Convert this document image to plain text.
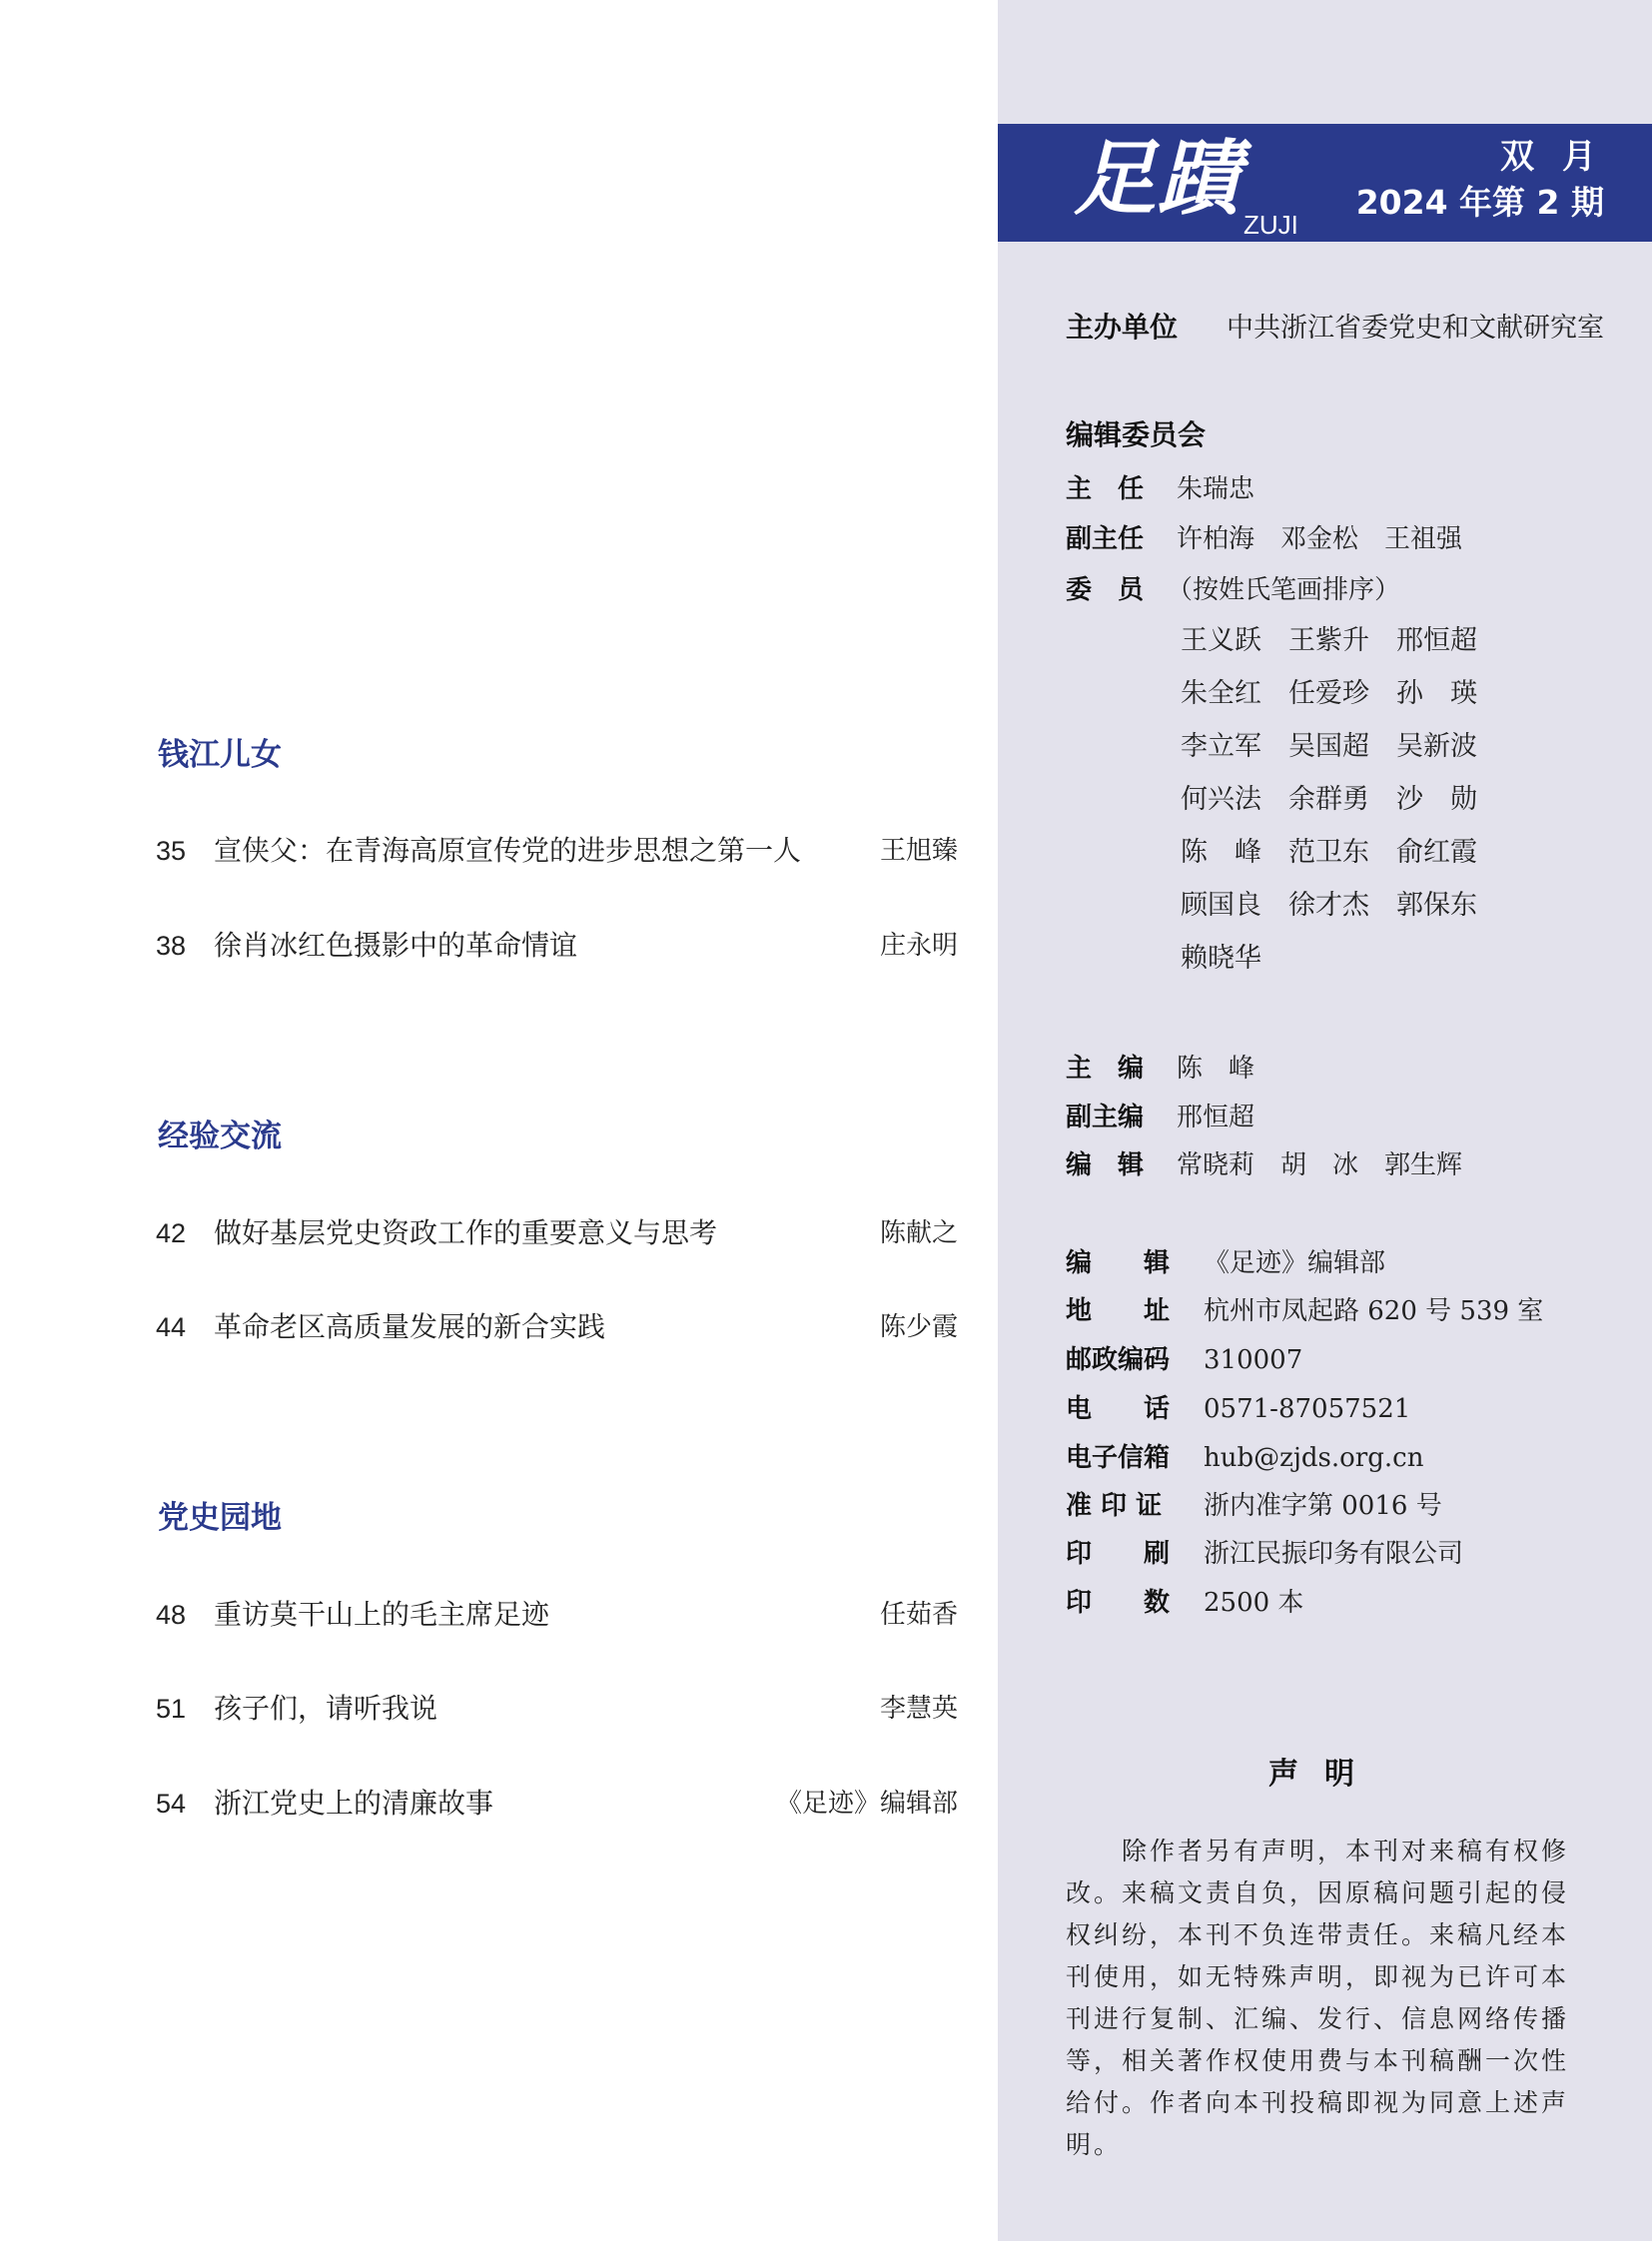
足蹟 ZUJI
双 月
2024 年第 2 期
钱江儿女
35 宣侠父：在青海高原宣传党的进步思想之第一人	王旭臻
38 徐肖冰红色摄影中的革命情谊	庄永明
经验交流
42 做好基层党史资政工作的重要意义与思考	陈献之
44 革命老区高质量发展的新合实践	陈少霞
党史园地
48 重访莫干山上的毛主席足迹	任茹香
51 孩子们，请听我说	李慧英
54 浙江党史上的清廉故事	《足迹》编辑部
主办单位 中共浙江省委党史和文献研究室
编辑委员会
主　任 朱瑞忠
副主任 许柏海　邓金松　王祖强
委　员 （按姓氏笔画排序）
王义跃　王紫升　邢恒超
朱全红　任爱珍　孙　瑛
李立军　吴国超　吴新波
何兴法　余群勇　沙　勋
陈　峰　范卫东　俞红霞
顾国良　徐才杰　郭保东
赖晓华
主　编 陈　峰
副主编 邢恒超
编　辑 常晓莉　胡　冰　郭生辉
编　　辑 《足迹》编辑部
地　　址 杭州市凤起路 620 号 539 室
邮政编码 310007
电　　话 0571-87057521
电子信箱 hub@zjds.org.cn
准 印 证 浙内准字第 0016 号
印　　刷 浙江民振印务有限公司
印　　数 2500 本
声明
除作者另有声明，本刊对来稿有权修改。来稿文责自负，因原稿问题引起的侵权纠纷，本刊不负连带责任。来稿凡经本刊使用，如无特殊声明，即视为已许可本刊进行复制、汇编、发行、信息网络传播等，相关著作权使用费与本刊稿酬一次性给付。作者向本刊投稿即视为同意上述声明。
